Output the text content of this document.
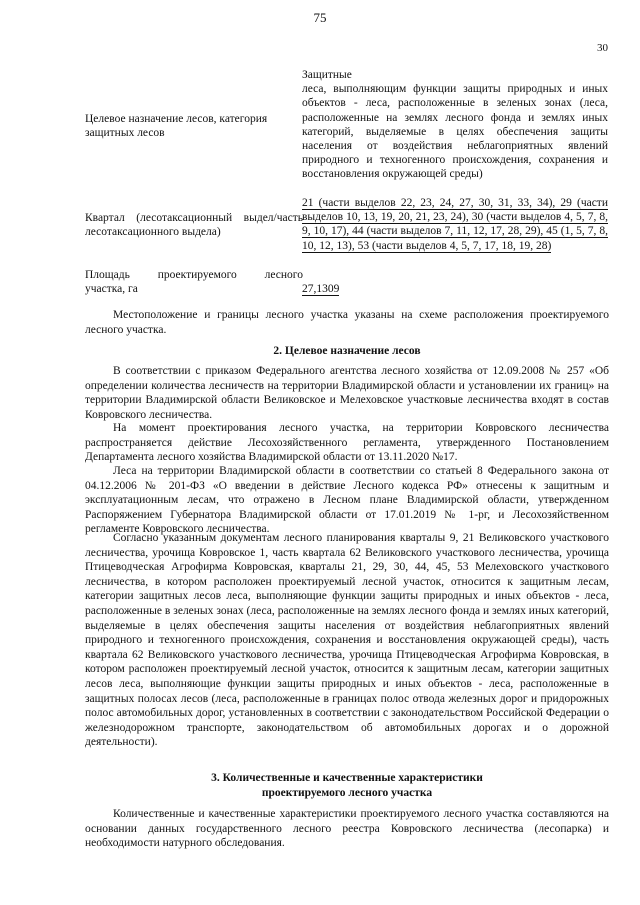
75
30
Целевое назначение лесов, категория защитных лесов
Защитные
леса, выполняющим функции защиты природных и иных объектов - леса, расположенные в зеленых зонах (леса, расположенные на землях лесного фонда и землях иных категорий, выделяемые в целях обеспечения защиты населения от воздействия неблагоприятных явлений природного и техногенного происхождения, сохранения и восстановления окружающей среды)
Квартал (лесотаксационный выдел/часть лесотаксационного выдела)
21 (части выделов 22, 23, 24, 27, 30, 31, 33, 34), 29 (части выделов 10, 13, 19, 20, 21, 23, 24), 30 (части выделов 4, 5, 7, 8, 9, 10, 17), 44 (части выделов 7, 11, 12, 17, 28, 29), 45 (1, 5, 7, 8, 10, 12, 13), 53 (части выделов 4, 5, 7, 17, 18, 19, 28)
Площадь проектируемого лесного
участка, га	27,1309
Местоположение и границы лесного участка указаны на схеме расположения проектируемого лесного участка.
2. Целевое назначение лесов
В соответствии с приказом Федерального агентства лесного хозяйства от 12.09.2008 № 257 «Об определении количества лесничеств на территории Владимирской области и установлении их границ» на территории Владимирской области Великовское и Мелеховское участковые лесничества входят в состав Ковровского лесничества.
На момент проектирования лесного участка, на территории Ковровского лесничества распространяется действие Лесохозяйственного регламента, утвержденного Постановлением Департамента лесного хозяйства Владимирской области от 13.11.2020 №17.
Леса на территории Владимирской области в соответствии со статьей 8 Федерального закона от 04.12.2006 № 201-ФЗ «О введении в действие Лесного кодекса РФ» отнесены к защитным и эксплуатационным лесам, что отражено в Лесном плане Владимирской области, утвержденном Распоряжением Губернатора Владимирской области от 17.01.2019 № 1-рг, и Лесохозяйственном регламенте Ковровского лесничества.
Согласно указанным документам лесного планирования кварталы 9, 21 Великовского участкового лесничества, урочища Ковровское 1, часть квартала 62 Великовского участкового лесничества, урочища Птицеводческая Агрофирма Ковровская, кварталы 21, 29, 30, 44, 45, 53 Мелеховского участкового лесничества, в котором расположен проектируемый лесной участок, относится к защитным лесам, категории защитных лесов леса, выполняющие функции защиты природных и иных объектов - леса, расположенные в зеленых зонах (леса, расположенные на землях лесного фонда и землях иных категорий, выделяемые в целях обеспечения защиты населения от воздействия неблагоприятных явлений природного и техногенного происхождения, сохранения и восстановления окружающей среды), часть квартала 62 Великовского участкового лесничества, урочища Птицеводческая Агрофирма Ковровская, в котором расположен проектируемый лесной участок, относится к защитным лесам, категории защитных лесов леса, выполняющие функции защиты природных и иных объектов - леса, расположенные в защитных полосах лесов (леса, расположенные в границах полос отвода железных дорог и придорожных полос автомобильных дорог, установленных в соответствии с законодательством Российской Федерации о железнодорожном транспорте, законодательством об автомобильных дорогах и о дорожной деятельности).
3. Количественные и качественные характеристики
проектируемого лесного участка
Количественные и качественные характеристики проектируемого лесного участка составляются на основании данных государственного лесного реестра Ковровского лесничества (лесопарка) и необходимости натурного обследования.
